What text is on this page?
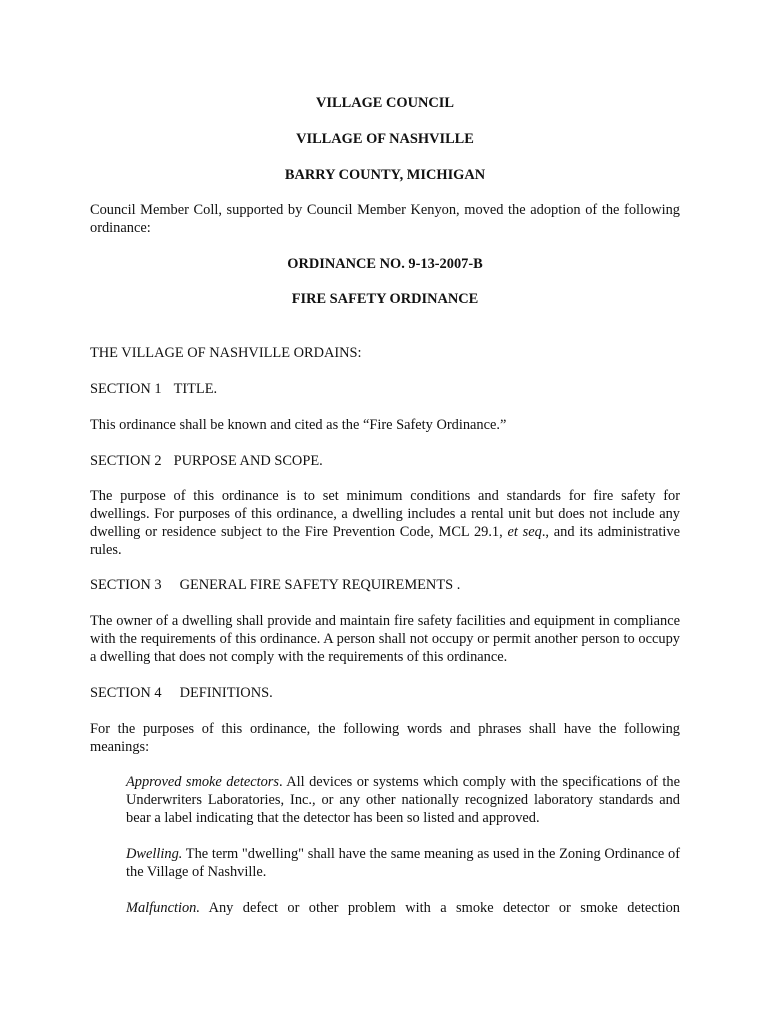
VILLAGE COUNCIL

VILLAGE OF NASHVILLE

BARRY COUNTY, MICHIGAN

Council Member Coll, supported by Council Member Kenyon, moved the adoption of the following ordinance:

ORDINANCE NO. 9-13-2007-B

FIRE SAFETY ORDINANCE

THE VILLAGE OF NASHVILLE ORDAINS:

SECTION 1 TITLE.

This ordinance shall be known and cited as the “Fire Safety Ordinance.”

SECTION 2 PURPOSE AND SCOPE.

The purpose of this ordinance is to set minimum conditions and standards for fire safety for dwellings. For purposes of this ordinance, a dwelling includes a rental unit but does not include any dwelling or residence subject to the Fire Prevention Code, MCL 29.1, et seq., and its administrative rules.

SECTION 3 GENERAL FIRE SAFETY REQUIREMENTS .

The owner of a dwelling shall provide and maintain fire safety facilities and equipment in compliance with the requirements of this ordinance. A person shall not occupy or permit another person to occupy a dwelling that does not comply with the requirements of this ordinance.

SECTION 4 DEFINITIONS.

For the purposes of this ordinance, the following words and phrases shall have the following meanings:

Approved smoke detectors. All devices or systems which comply with the specifications of the Underwriters Laboratories, Inc., or any other nationally recognized laboratory standards and bear a label indicating that the detector has been so listed and approved.

Dwelling. The term "dwelling" shall have the same meaning as used in the Zoning Ordinance of the Village of Nashville.

Malfunction. Any defect or other problem with a smoke detector or smoke detection
